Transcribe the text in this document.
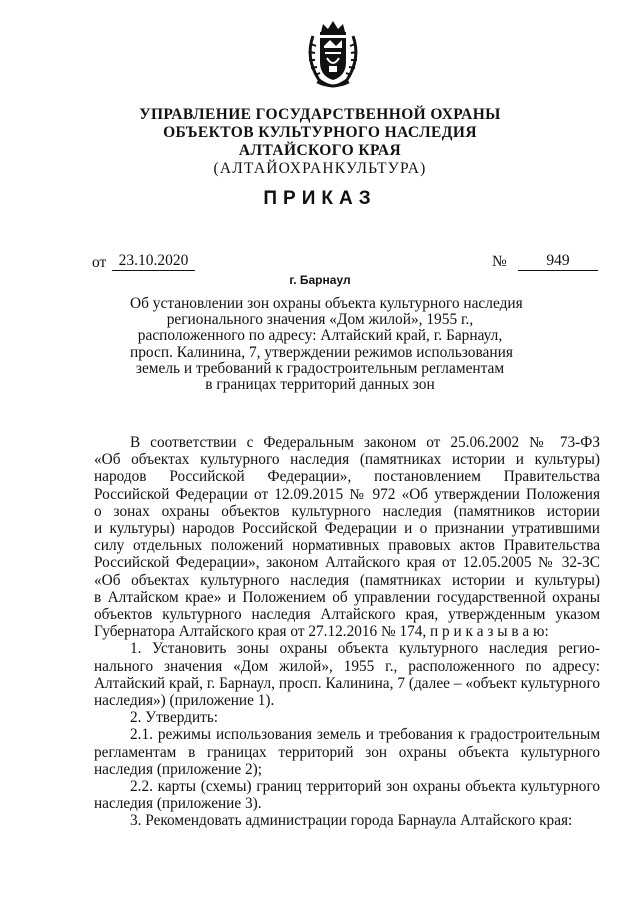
УПРАВЛЕНИЕ ГОСУДАРСТВЕННОЙ ОХРАНЫ
ОБЪЕКТОВ КУЛЬТУРНОГО НАСЛЕДИЯ
АЛТАЙСКОГО КРАЯ
(АЛТАЙОХРАНКУЛЬТУРА)
ПРИКАЗ
от 23.10.2020	№	949
г. Барнаул
Об установлении зон охраны объекта культурного наследия
регионального значения «Дом жилой», 1955 г.,
расположенного по адресу: Алтайский край, г. Барнаул,
просп. Калинина, 7, утверждении режимов использования
земель и требований к градостроительным регламентам
в границах территорий данных зон
В соответствии с Федеральным законом от 25.06.2002 № 73-ФЗ
«Об объектах культурного наследия (памятниках истории и культуры)
народов Российской Федерации», постановлением Правительства
Российской Федерации от 12.09.2015 № 972 «Об утверждении Положения
о зонах охраны объектов культурного наследия (памятников истории
и культуры) народов Российской Федерации и о признании утратившими
силу отдельных положений нормативных правовых актов Правительства
Российской Федерации», законом Алтайского края от 12.05.2005 № 32-ЗС
«Об объектах культурного наследия (памятниках истории и культуры)
в Алтайском крае» и Положением об управлении государственной охраны
объектов культурного наследия Алтайского края, утвержденным указом
Губернатора Алтайского края от 27.12.2016 № 174, п р и к а з ы в а ю:
1. Установить зоны охраны объекта культурного наследия регио-
нального значения «Дом жилой», 1955 г., расположенного по адресу:
Алтайский край, г. Барнаул, просп. Калинина, 7 (далее – «объект культурного
наследия») (приложение 1).
2. Утвердить:
2.1. режимы использования земель и требования к градостроительным
регламентам в границах территорий зон охраны объекта культурного
наследия (приложение 2);
2.2. карты (схемы) границ территорий зон охраны объекта культурного
наследия (приложение 3).
3. Рекомендовать администрации города Барнаула Алтайского края:
